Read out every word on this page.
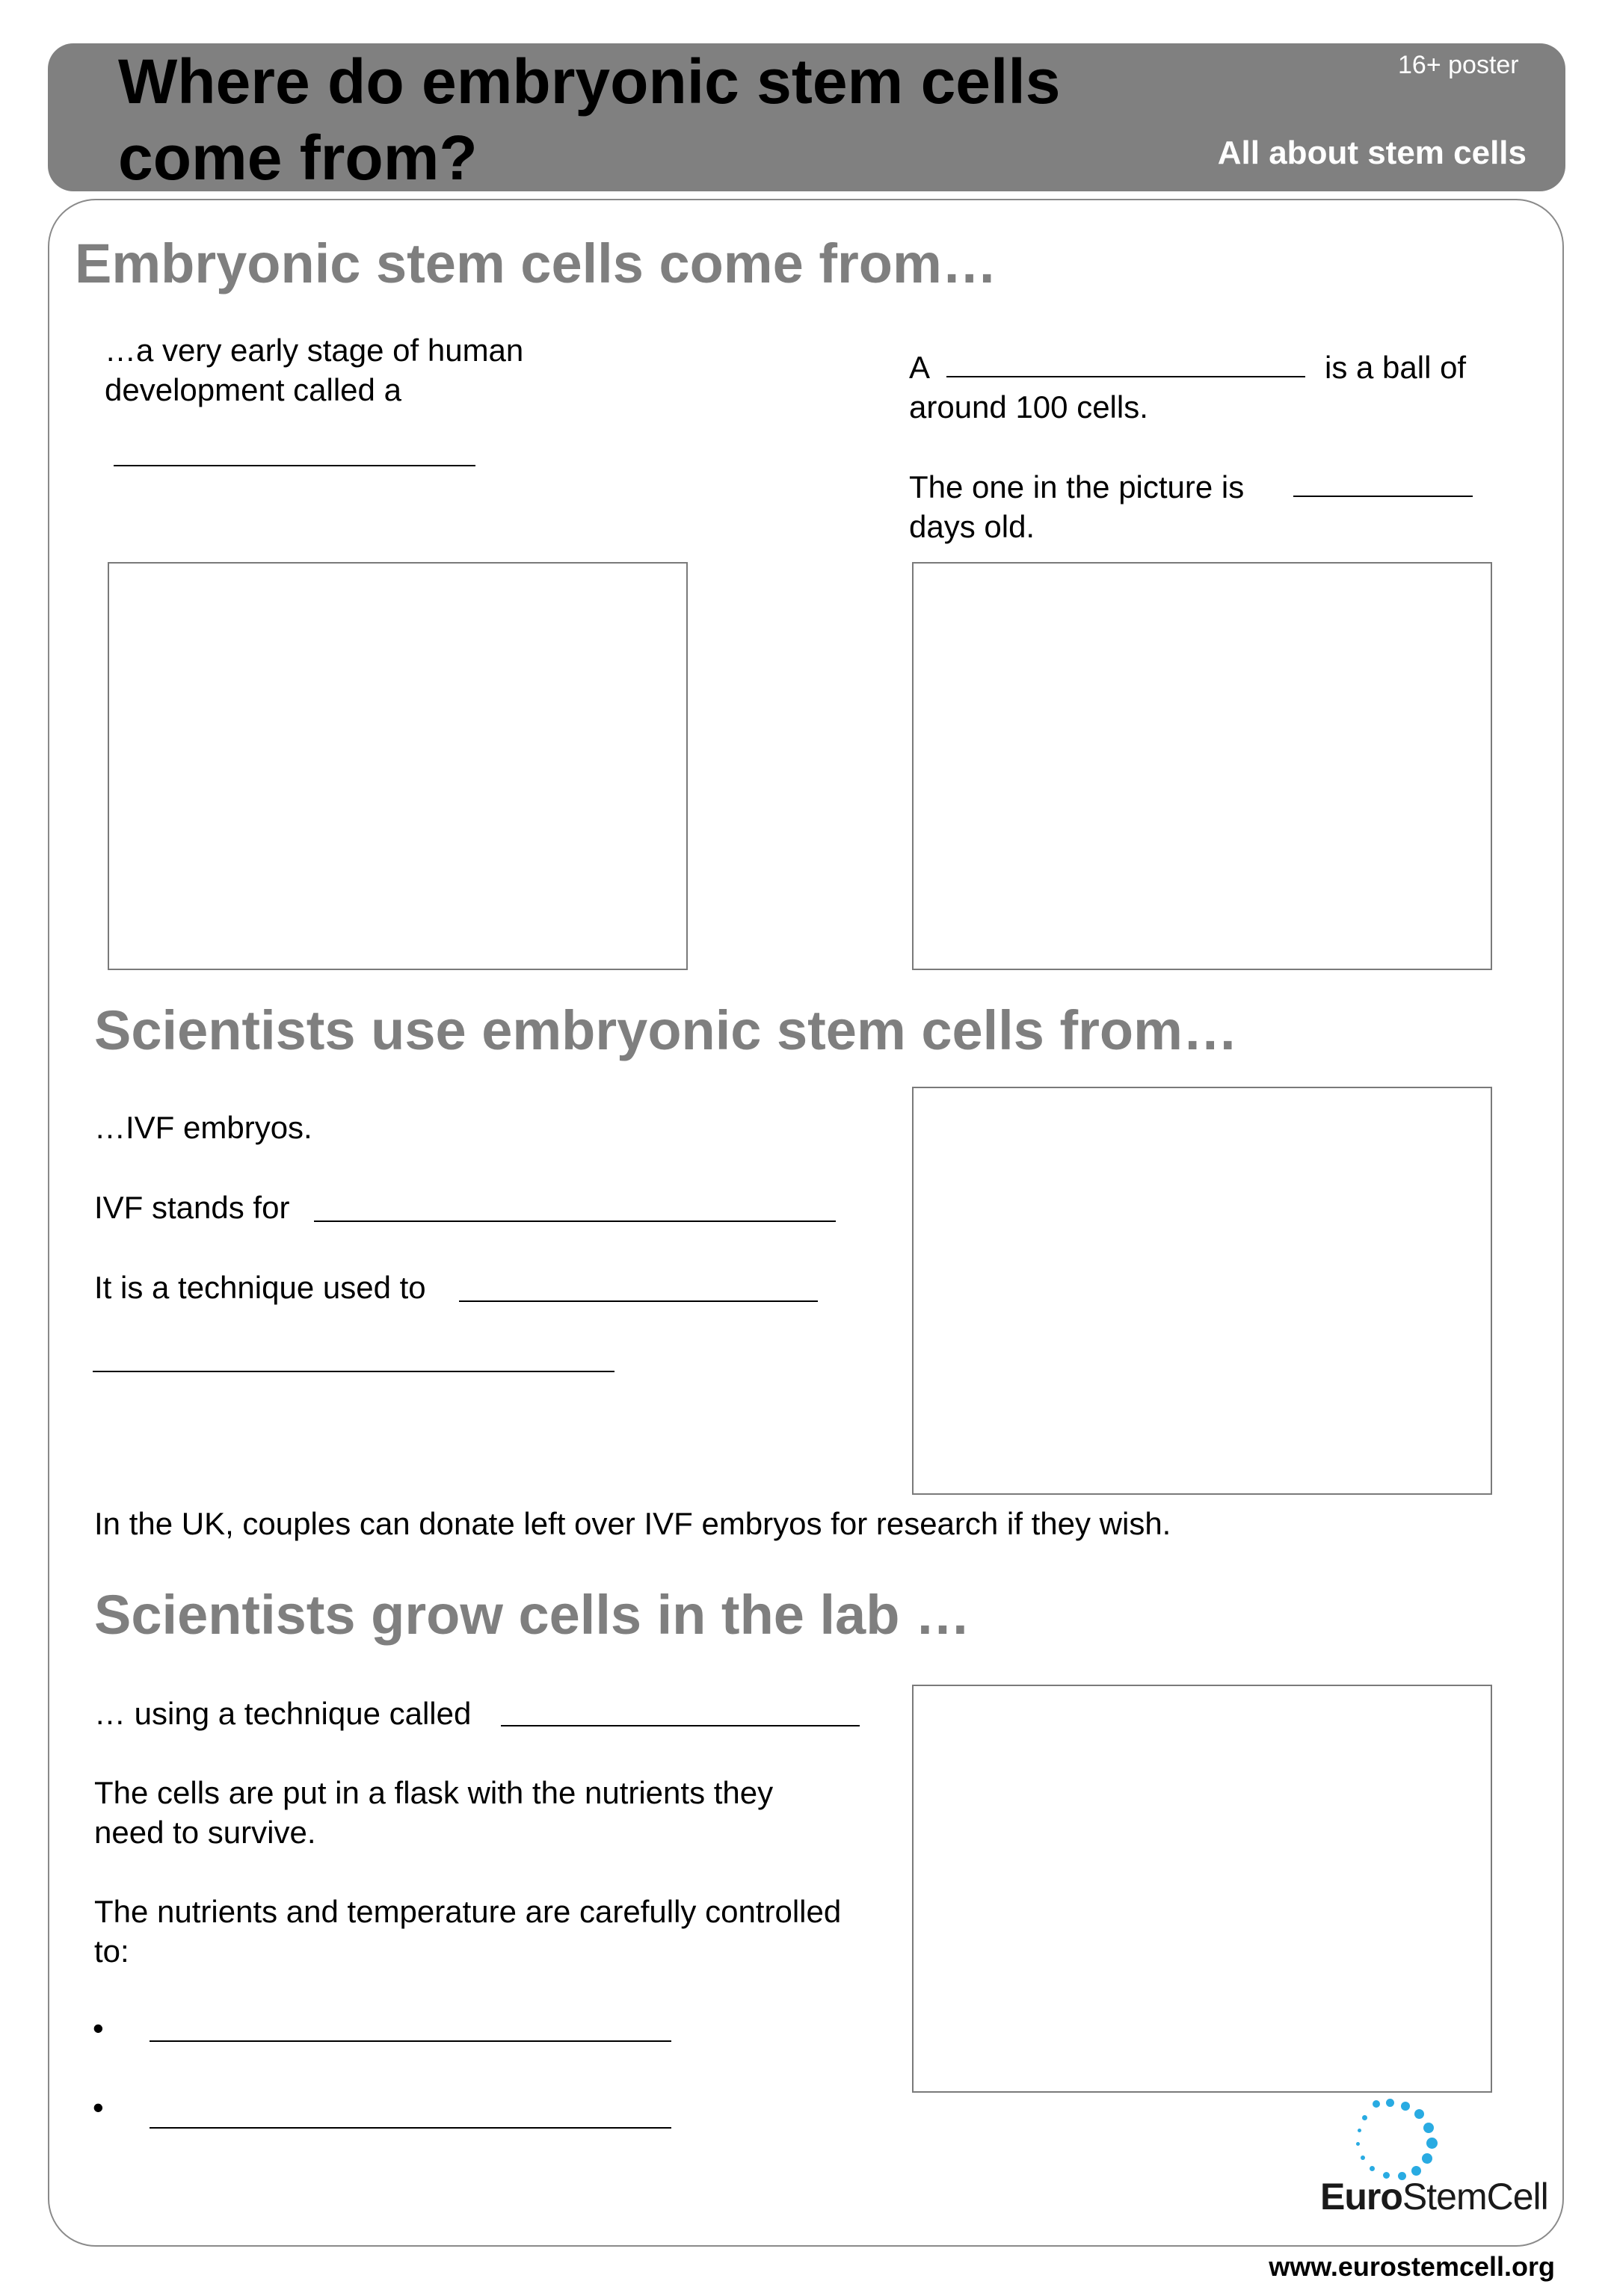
Where do embryonic stem cells
come from?
16+ poster
All about stem cells
Embryonic stem cells come from…
…a very early stage of human
development called a
A	is a ball of
around 100 cells.
The one in the picture is
days old.
Scientists use embryonic stem cells from…
…IVF embryos.
IVF stands for
It is a technique used to
In the UK, couples can donate left over IVF embryos for research if they wish.
Scientists grow cells in the lab …
… using a technique called
The cells are put in a flask with the nutrients they
need to survive.
The nutrients and temperature are carefully controlled
to:
•
•
EuroStemCell
www.eurostemcell.org
